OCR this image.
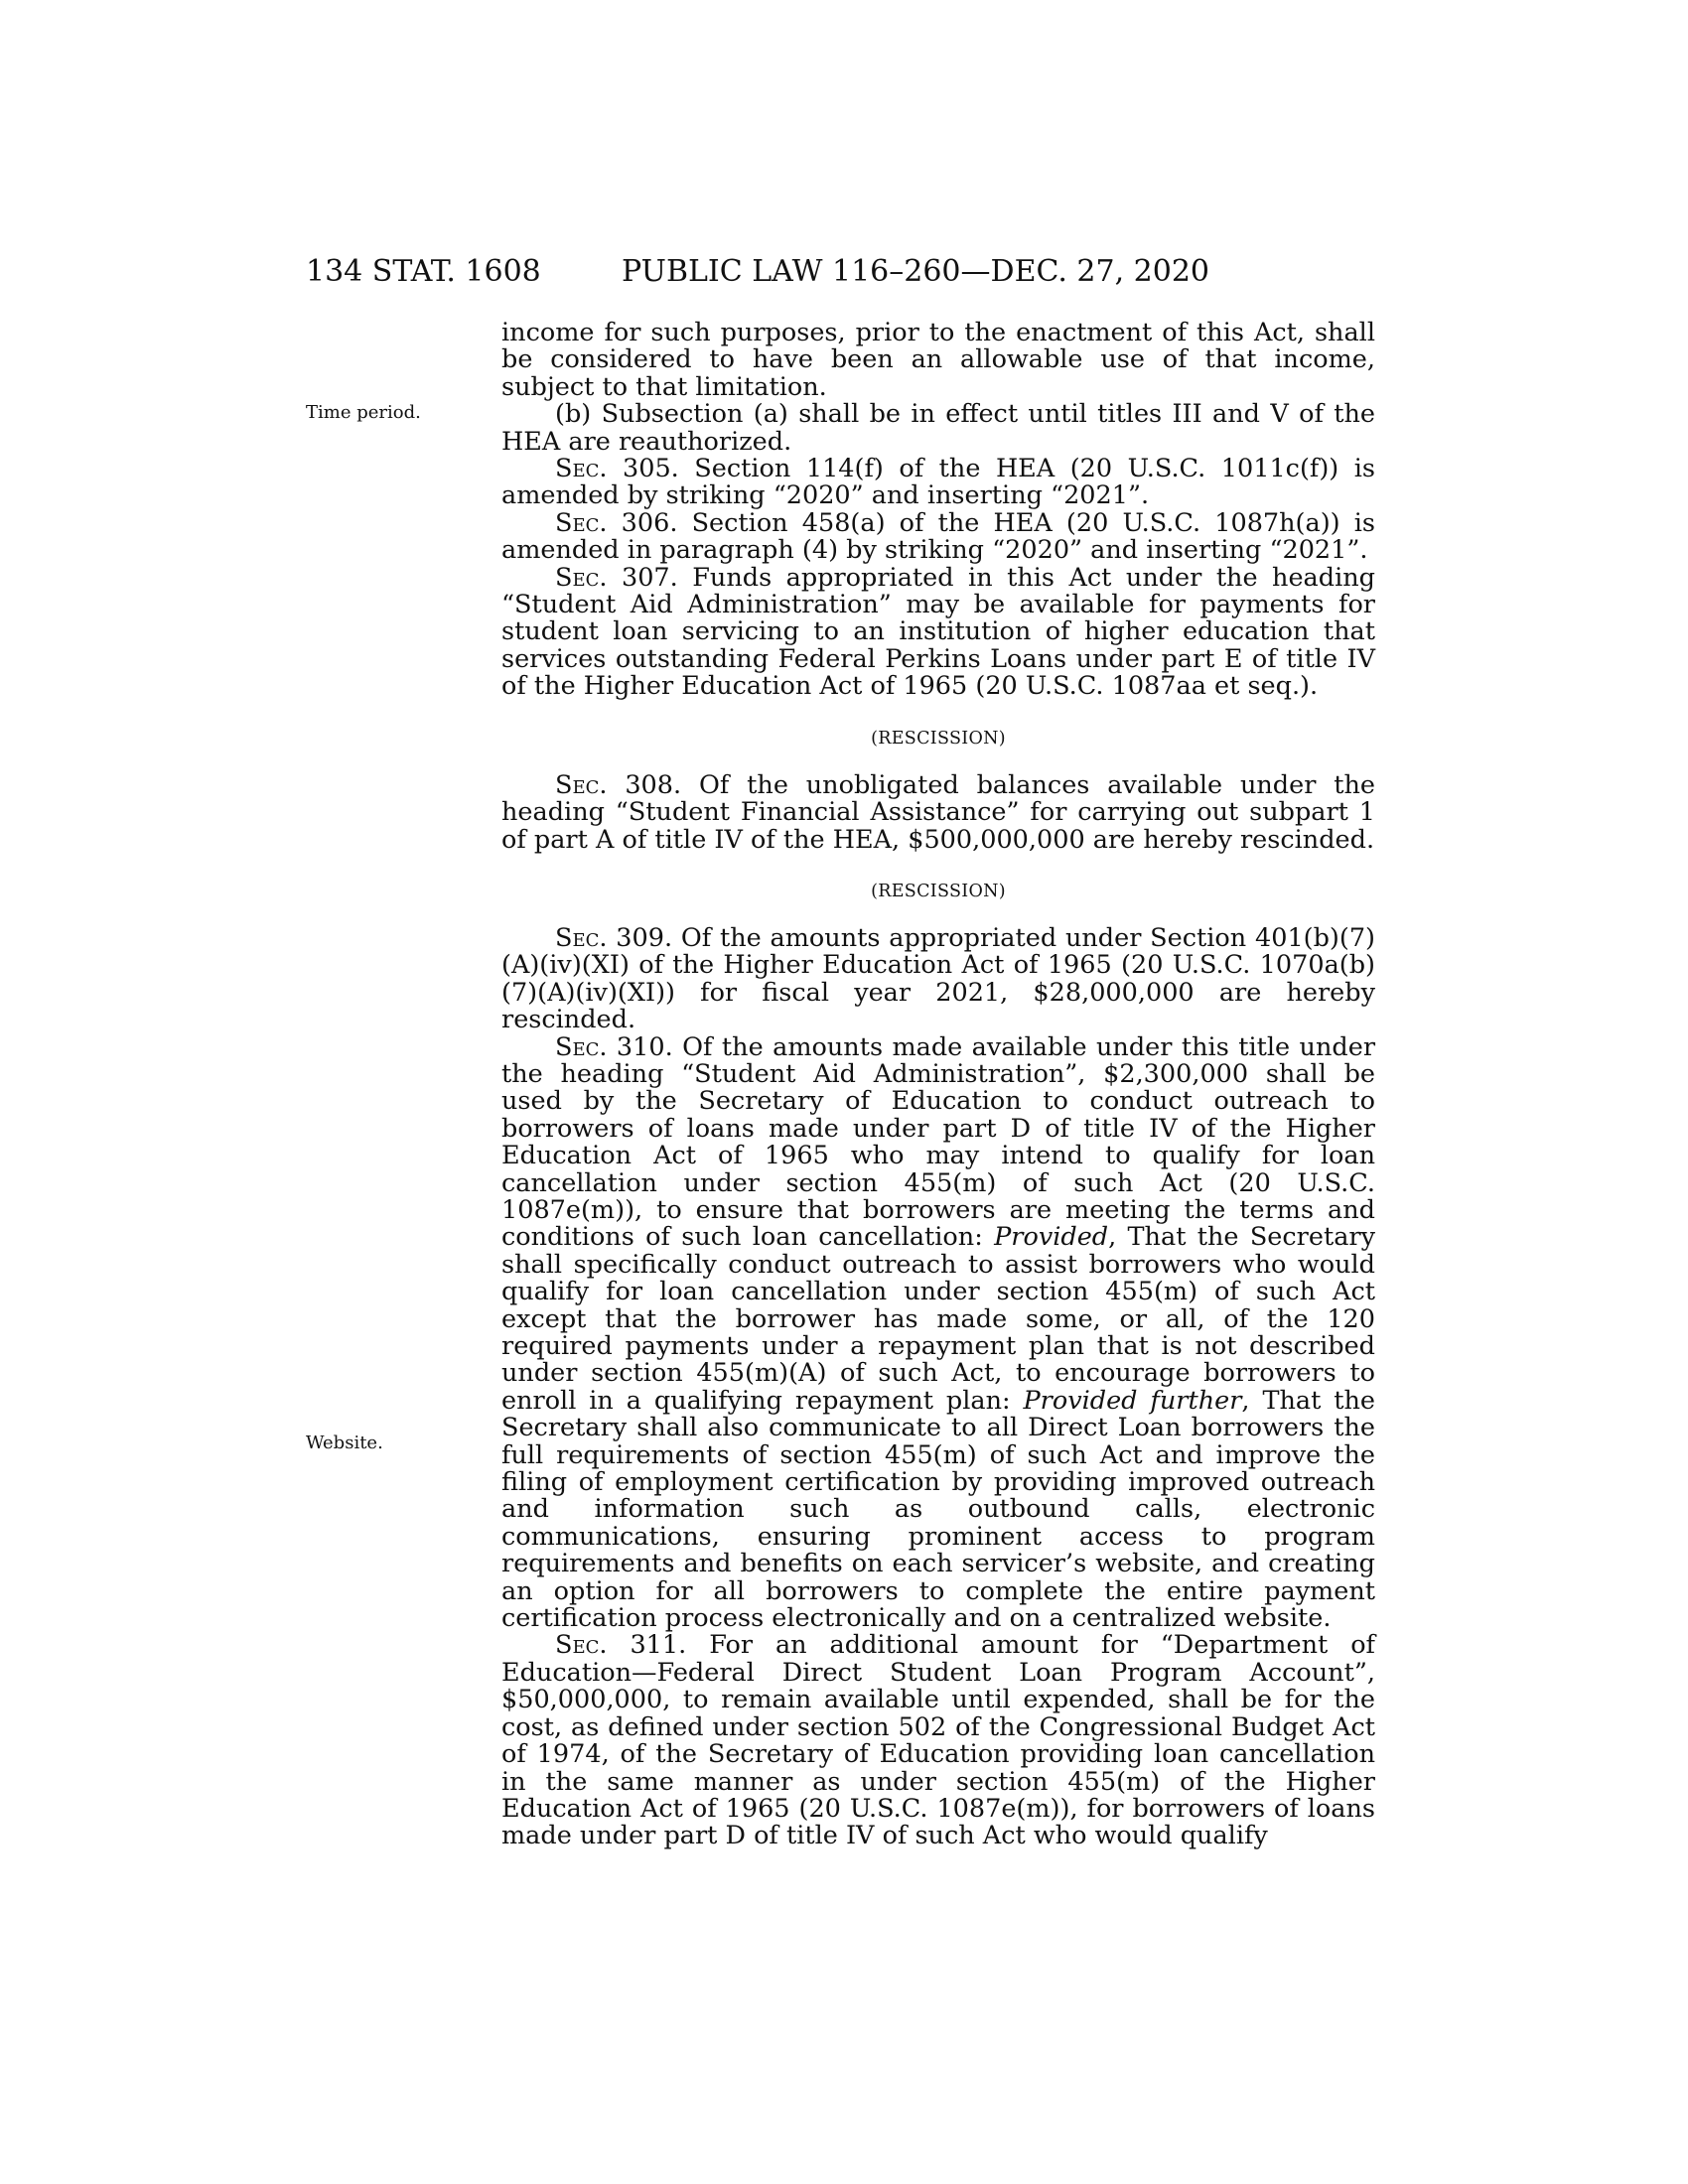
134 STAT. 1608	PUBLIC LAW 116–260—DEC. 27, 2020
Time period.
Website.

income for such purposes, prior to the enactment of this Act, shall be considered to have been an allowable use of that income, subject to that limitation.

(b) Subsection (a) shall be in effect until titles III and V of the HEA are reauthorized.

Sec. 305. Section 114(f) of the HEA (20 U.S.C. 1011c(f)) is amended by striking “2020” and inserting “2021”.

Sec. 306. Section 458(a) of the HEA (20 U.S.C. 1087h(a)) is amended in paragraph (4) by striking “2020” and inserting “2021”.

Sec. 307. Funds appropriated in this Act under the heading “Student Aid Administration” may be available for payments for student loan servicing to an institution of higher education that services outstanding Federal Perkins Loans under part E of title IV of the Higher Education Act of 1965 (20 U.S.C. 1087aa et seq.).

(RESCISSION)

Sec. 308. Of the unobligated balances available under the heading “Student Financial Assistance” for carrying out subpart 1 of part A of title IV of the HEA, $500,000,000 are hereby rescinded.

(RESCISSION)

Sec. 309. Of the amounts appropriated under Section 401(b)(7)(A)(iv)(XI) of the Higher Education Act of 1965 (20 U.S.C. 1070a(b)(7)(A)(iv)(XI)) for fiscal year 2021, $28,000,000 are hereby rescinded.

Sec. 310. Of the amounts made available under this title under the heading “Student Aid Administration”, $2,300,000 shall be used by the Secretary of Education to conduct outreach to borrowers of loans made under part D of title IV of the Higher Education Act of 1965 who may intend to qualify for loan cancellation under section 455(m) of such Act (20 U.S.C. 1087e(m)), to ensure that borrowers are meeting the terms and conditions of such loan cancellation: Provided, That the Secretary shall specifically conduct outreach to assist borrowers who would qualify for loan cancellation under section 455(m) of such Act except that the borrower has made some, or all, of the 120 required payments under a repayment plan that is not described under section 455(m)(A) of such Act, to encourage borrowers to enroll in a qualifying repayment plan: Provided further, That the Secretary shall also communicate to all Direct Loan borrowers the full requirements of section 455(m) of such Act and improve the filing of employment certification by providing improved outreach and information such as outbound calls, electronic communications, ensuring prominent access to program requirements and benefits on each servicer’s website, and creating an option for all borrowers to complete the entire payment certification process electronically and on a centralized website.

Sec. 311. For an additional amount for “Department of Education—Federal Direct Student Loan Program Account”, $50,000,000, to remain available until expended, shall be for the cost, as defined under section 502 of the Congressional Budget Act of 1974, of the Secretary of Education providing loan cancellation in the same manner as under section 455(m) of the Higher Education Act of 1965 (20 U.S.C. 1087e(m)), for borrowers of loans made under part D of title IV of such Act who would qualify
